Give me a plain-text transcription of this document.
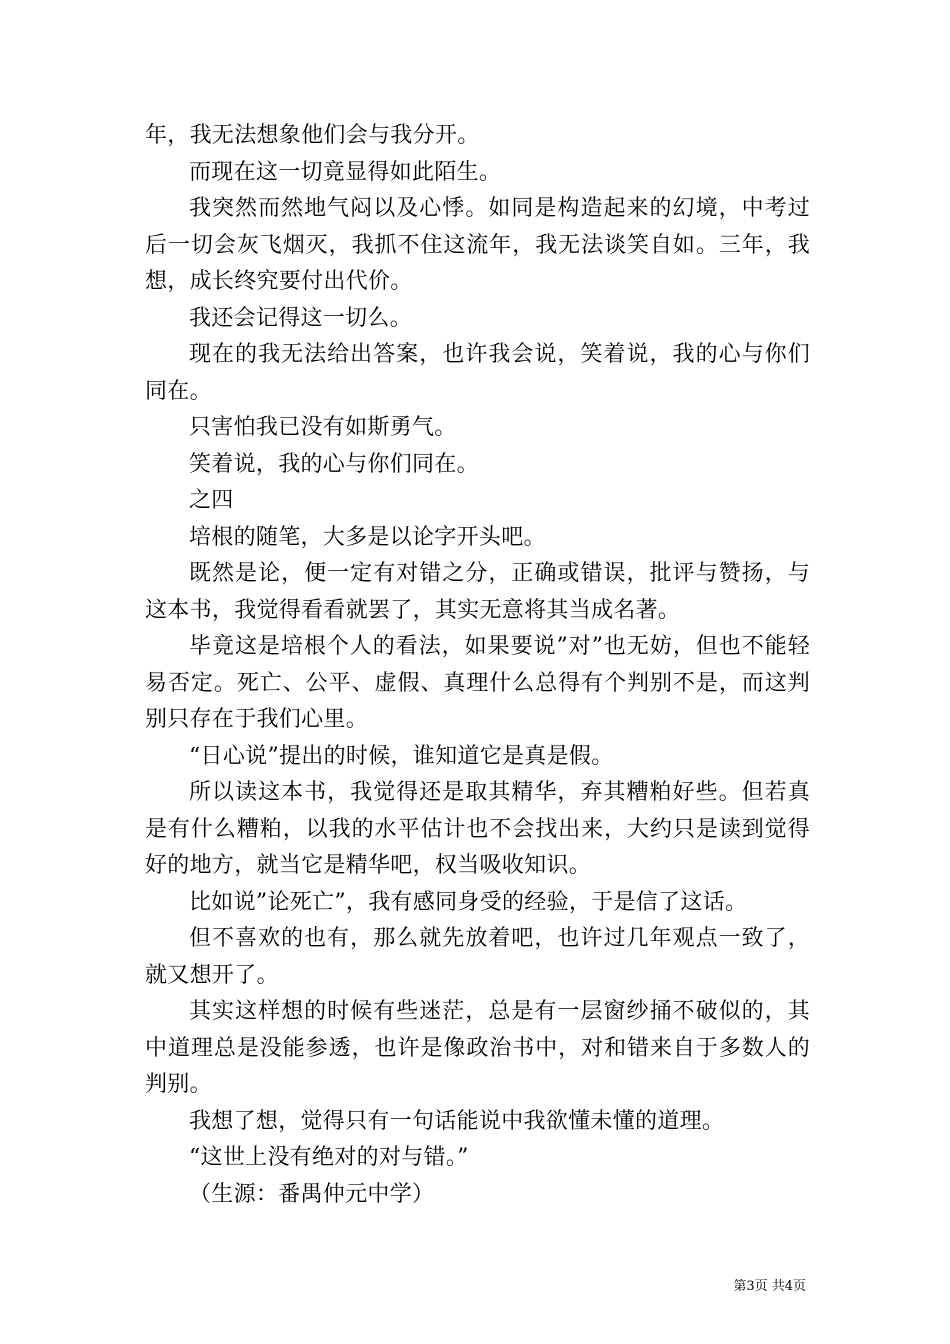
年，我无法想象他们会与我分开。

而现在这一切竟显得如此陌生。

我突然而然地气闷以及心悸。如同是构造起来的幻境，中考过后一切会灰飞烟灭，我抓不住这流年，我无法谈笑自如。三年，我想，成长终究要付出代价。

我还会记得这一切么。

现在的我无法给出答案，也许我会说，笑着说，我的心与你们同在。

只害怕我已没有如斯勇气。

笑着说，我的心与你们同在。

之四

培根的随笔，大多是以论字开头吧。

既然是论，便一定有对错之分，正确或错误，批评与赞扬，与这本书，我觉得看看就罢了，其实无意将其当成名著。

毕竟这是培根个人的看法，如果要说”对”也无妨，但也不能轻易否定。死亡、公平、虚假、真理什么总得有个判别不是，而这判别只存在于我们心里。

“日心说”提出的时候，谁知道它是真是假。

所以读这本书，我觉得还是取其精华，弃其糟粕好些。但若真是有什么糟粕，以我的水平估计也不会找出来，大约只是读到觉得好的地方，就当它是精华吧，权当吸收知识。

比如说”论死亡”，我有感同身受的经验，于是信了这话。

但不喜欢的也有，那么就先放着吧，也许过几年观点一致了，就又想开了。

其实这样想的时候有些迷茫，总是有一层窗纱捅不破似的，其中道理总是没能参透，也许是像政治书中，对和错来自于多数人的判别。

我想了想，觉得只有一句话能说中我欲懂未懂的道理。

“这世上没有绝对的对与错。”

（生源：番禺仲元中学）

第3页 共4页
